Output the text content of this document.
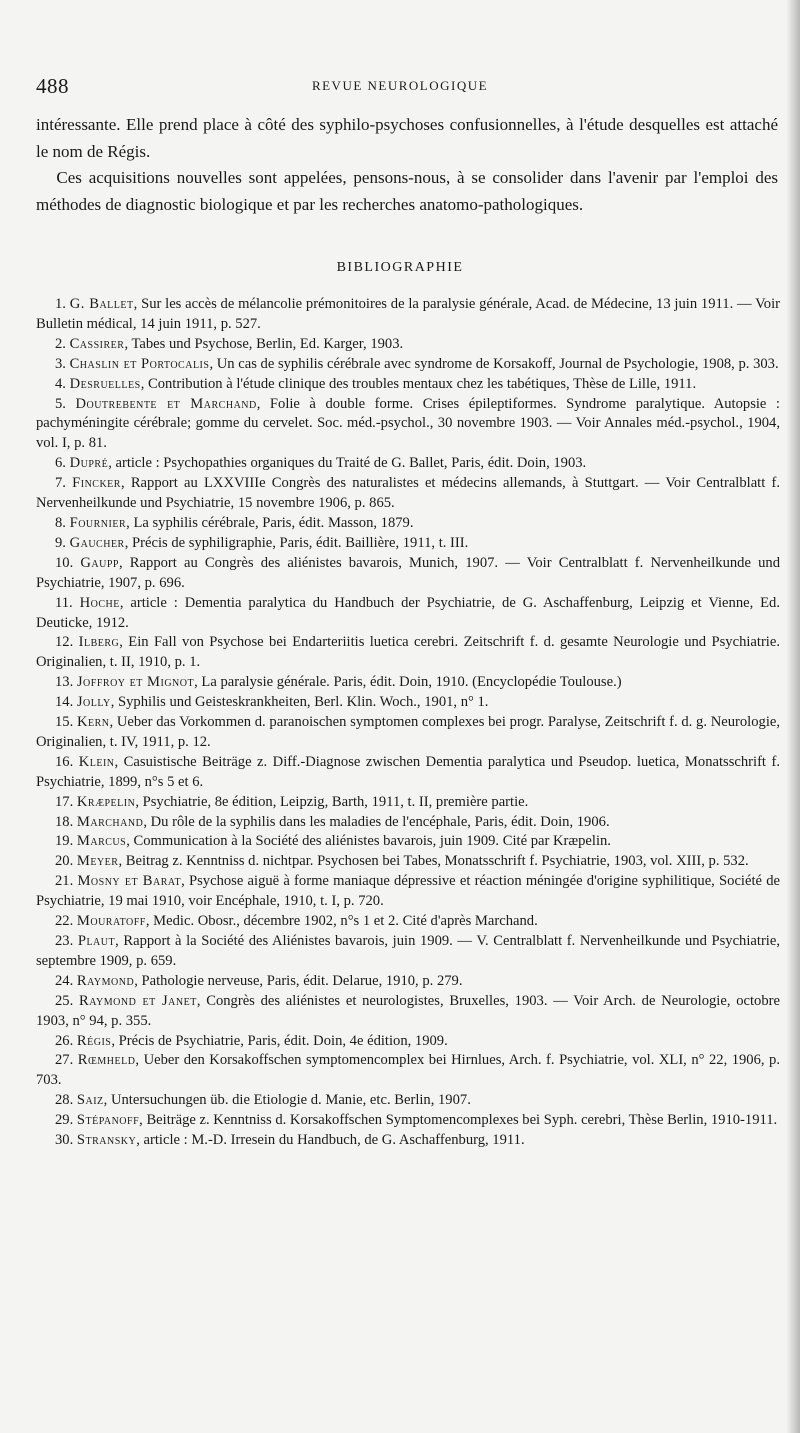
488	REVUE NEUROLOGIQUE

intéressante. Elle prend place à côté des syphilo-psychoses confusionnelles, à l'étude desquelles est attaché le nom de Régis.

Ces acquisitions nouvelles sont appelées, pensons-nous, à se consolider dans l'avenir par l'emploi des méthodes de diagnostic biologique et par les recherches anatomo-pathologiques.

BIBLIOGRAPHIE

1. G. Ballet, Sur les accès de mélancolie prémonitoires de la paralysie générale, Acad. de Médecine, 13 juin 1911. — Voir Bulletin médical, 14 juin 1911, p. 527.

2. Cassirer, Tabes und Psychose, Berlin, Ed. Karger, 1903.

3. Chaslin et Portocalis, Un cas de syphilis cérébrale avec syndrome de Korsakoff, Journal de Psychologie, 1908, p. 303.

4. Desruelles, Contribution à l'étude clinique des troubles mentaux chez les tabétiques, Thèse de Lille, 1911.

5. Doutrebente et Marchand, Folie à double forme. Crises épileptiformes. Syndrome paralytique. Autopsie : pachyméningite cérébrale; gomme du cervelet. Soc. méd.-psychol., 30 novembre 1903. — Voir Annales méd.-psychol., 1904, vol. I, p. 81.

6. Dupré, article : Psychopathies organiques du Traité de G. Ballet, Paris, édit. Doin, 1903.

7. Fincker, Rapport au LXXVIIIe Congrès des naturalistes et médecins allemands, à Stuttgart. — Voir Centralblatt f. Nervenheilkunde und Psychiatrie, 15 novembre 1906, p. 865.

8. Fournier, La syphilis cérébrale, Paris, édit. Masson, 1879.

9. Gaucher, Précis de syphiligraphie, Paris, édit. Baillière, 1911, t. III.

10. Gaupp, Rapport au Congrès des aliénistes bavarois, Munich, 1907. — Voir Centralblatt f. Nervenheilkunde und Psychiatrie, 1907, p. 696.

11. Hoche, article : Dementia paralytica du Handbuch der Psychiatrie, de G. Aschaffenburg, Leipzig et Vienne, Ed. Deuticke, 1912.

12. Ilberg, Ein Fall von Psychose bei Endarteriitis luetica cerebri. Zeitschrift f. d. gesamte Neurologie und Psychiatrie. Originalien, t. II, 1910, p. 1.

13. Joffroy et Mignot, La paralysie générale. Paris, édit. Doin, 1910. (Encyclopédie Toulouse.)

14. Jolly, Syphilis und Geisteskrankheiten, Berl. Klin. Woch., 1901, n° 1.

15. Kern, Ueber das Vorkommen d. paranoischen symptomen complexes bei progr. Paralyse, Zeitschrift f. d. g. Neurologie, Originalien, t. IV, 1911, p. 12.

16. Klein, Casuistische Beiträge z. Diff.-Diagnose zwischen Dementia paralytica und Pseudop. luetica, Monatsschrift f. Psychiatrie, 1899, n°s 5 et 6.

17. Kræpelin, Psychiatrie, 8e édition, Leipzig, Barth, 1911, t. II, première partie.

18. Marchand, Du rôle de la syphilis dans les maladies de l'encéphale, Paris, édit. Doin, 1906.

19. Marcus, Communication à la Société des aliénistes bavarois, juin 1909. Cité par Kræpelin.

20. Meyer, Beitrag z. Kenntniss d. nichtpar. Psychosen bei Tabes, Monatsschrift f. Psychiatrie, 1903, vol. XIII, p. 532.

21. Mosny et Barat, Psychose aiguë à forme maniaque dépressive et réaction méningée d'origine syphilitique, Société de Psychiatrie, 19 mai 1910, voir Encéphale, 1910, t. I, p. 720.

22. Mouratoff, Medic. Obosr., décembre 1902, n°s 1 et 2. Cité d'après Marchand.

23. Plaut, Rapport à la Société des Aliénistes bavarois, juin 1909. — V. Centralblatt f. Nervenheilkunde und Psychiatrie, septembre 1909, p. 659.

24. Raymond, Pathologie nerveuse, Paris, édit. Delarue, 1910, p. 279.

25. Raymond et Janet, Congrès des aliénistes et neurologistes, Bruxelles, 1903. — Voir Arch. de Neurologie, octobre 1903, n° 94, p. 355.

26. Régis, Précis de Psychiatrie, Paris, édit. Doin, 4e édition, 1909.

27. Rœmheld, Ueber den Korsakoffschen symptomencomplex bei Hirnlues, Arch. f. Psychiatrie, vol. XLI, n° 22, 1906, p. 703.

28. Saiz, Untersuchungen üb. die Etiologie d. Manie, etc. Berlin, 1907.

29. Stépanoff, Beiträge z. Kenntniss d. Korsakoffschen Symptomencomplexes bei Syph. cerebri, Thèse Berlin, 1910-1911.

30. Stransky, article : M.-D. Irresein du Handbuch, de G. Aschaffenburg, 1911.
